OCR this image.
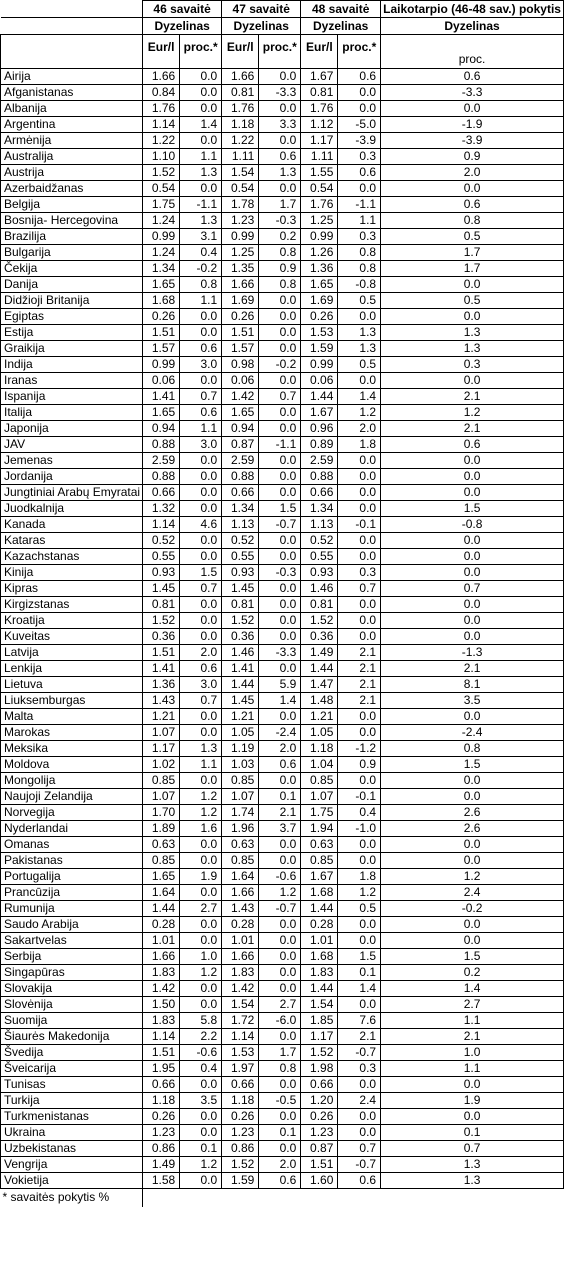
	46 savaitė		47 savaitė		48 savaitė		Laikotarpio (46-48 sav.) pokytis
	Dyzelinas		Dyzelinas		Dyzelinas		Dyzelinas
	Eur/l	proc.*	Eur/l	proc.*	Eur/l	proc.*	proc.
Airija	1.66	0.0	1.66	0.0	1.67	0.6	0.6
Afganistanas	0.84	0.0	0.81	-3.3	0.81	0.0	-3.3
Albanija	1.76	0.0	1.76	0.0	1.76	0.0	0.0
Argentina	1.14	1.4	1.18	3.3	1.12	-5.0	-1.9
Armėnija	1.22	0.0	1.22	0.0	1.17	-3.9	-3.9
Australija	1.10	1.1	1.11	0.6	1.11	0.3	0.9
Austrija	1.52	1.3	1.54	1.3	1.55	0.6	2.0
Azerbaidžanas	0.54	0.0	0.54	0.0	0.54	0.0	0.0
Belgija	1.75	-1.1	1.78	1.7	1.76	-1.1	0.6
Bosnija- Hercegovina	1.24	1.3	1.23	-0.3	1.25	1.1	0.8
Brazilija	0.99	3.1	0.99	0.2	0.99	0.3	0.5
Bulgarija	1.24	0.4	1.25	0.8	1.26	0.8	1.7
Čekija	1.34	-0.2	1.35	0.9	1.36	0.8	1.7
Danija	1.65	0.8	1.66	0.8	1.65	-0.8	0.0
Didžioji Britanija	1.68	1.1	1.69	0.0	1.69	0.5	0.5
Egiptas	0.26	0.0	0.26	0.0	0.26	0.0	0.0
Estija	1.51	0.0	1.51	0.0	1.53	1.3	1.3
Graikija	1.57	0.6	1.57	0.0	1.59	1.3	1.3
Indija	0.99	3.0	0.98	-0.2	0.99	0.5	0.3
Iranas	0.06	0.0	0.06	0.0	0.06	0.0	0.0
Ispanija	1.41	0.7	1.42	0.7	1.44	1.4	2.1
Italija	1.65	0.6	1.65	0.0	1.67	1.2	1.2
Japonija	0.94	1.1	0.94	0.0	0.96	2.0	2.1
JAV	0.88	3.0	0.87	-1.1	0.89	1.8	0.6
Jemenas	2.59	0.0	2.59	0.0	2.59	0.0	0.0
Jordanija	0.88	0.0	0.88	0.0	0.88	0.0	0.0
Jungtiniai Arabų Emyratai	0.66	0.0	0.66	0.0	0.66	0.0	0.0
Juodkalnija	1.32	0.0	1.34	1.5	1.34	0.0	1.5
Kanada	1.14	4.6	1.13	-0.7	1.13	-0.1	-0.8
Kataras	0.52	0.0	0.52	0.0	0.52	0.0	0.0
Kazachstanas	0.55	0.0	0.55	0.0	0.55	0.0	0.0
Kinija	0.93	1.5	0.93	-0.3	0.93	0.3	0.0
Kipras	1.45	0.7	1.45	0.0	1.46	0.7	0.7
Kirgizstanas	0.81	0.0	0.81	0.0	0.81	0.0	0.0
Kroatija	1.52	0.0	1.52	0.0	1.52	0.0	0.0
Kuveitas	0.36	0.0	0.36	0.0	0.36	0.0	0.0
Latvija	1.51	2.0	1.46	-3.3	1.49	2.1	-1.3
Lenkija	1.41	0.6	1.41	0.0	1.44	2.1	2.1
Lietuva	1.36	3.0	1.44	5.9	1.47	2.1	8.1
Liuksemburgas	1.43	0.7	1.45	1.4	1.48	2.1	3.5
Malta	1.21	0.0	1.21	0.0	1.21	0.0	0.0
Marokas	1.07	0.0	1.05	-2.4	1.05	0.0	-2.4
Meksika	1.17	1.3	1.19	2.0	1.18	-1.2	0.8
Moldova	1.02	1.1	1.03	0.6	1.04	0.9	1.5
Mongolija	0.85	0.0	0.85	0.0	0.85	0.0	0.0
Naujoji Zelandija	1.07	1.2	1.07	0.1	1.07	-0.1	0.0
Norvegija	1.70	1.2	1.74	2.1	1.75	0.4	2.6
Nyderlandai	1.89	1.6	1.96	3.7	1.94	-1.0	2.6
Omanas	0.63	0.0	0.63	0.0	0.63	0.0	0.0
Pakistanas	0.85	0.0	0.85	0.0	0.85	0.0	0.0
Portugalija	1.65	1.9	1.64	-0.6	1.67	1.8	1.2
Prancūzija	1.64	0.0	1.66	1.2	1.68	1.2	2.4
Rumunija	1.44	2.7	1.43	-0.7	1.44	0.5	-0.2
Saudo Arabija	0.28	0.0	0.28	0.0	0.28	0.0	0.0
Sakartvelas	1.01	0.0	1.01	0.0	1.01	0.0	0.0
Serbija	1.66	1.0	1.66	0.0	1.68	1.5	1.5
Singapūras	1.83	1.2	1.83	0.0	1.83	0.1	0.2
Slovakija	1.42	0.0	1.42	0.0	1.44	1.4	1.4
Slovėnija	1.50	0.0	1.54	2.7	1.54	0.0	2.7
Suomija	1.83	5.8	1.72	-6.0	1.85	7.6	1.1
Šiaurės Makedonija	1.14	2.2	1.14	0.0	1.17	2.1	2.1
Švedija	1.51	-0.6	1.53	1.7	1.52	-0.7	1.0
Šveicarija	1.95	0.4	1.97	0.8	1.98	0.3	1.1
Tunisas	0.66	0.0	0.66	0.0	0.66	0.0	0.0
Turkija	1.18	3.5	1.18	-0.5	1.20	2.4	1.9
Turkmenistanas	0.26	0.0	0.26	0.0	0.26	0.0	0.0
Ukraina	1.23	0.0	1.23	0.1	1.23	0.0	0.1
Uzbekistanas	0.86	0.1	0.86	0.0	0.87	0.7	0.7
Vengrija	1.49	1.2	1.52	2.0	1.51	-0.7	1.3
Vokietija	1.58	0.0	1.59	0.6	1.60	0.6	1.3
* savaitės pokytis %							
